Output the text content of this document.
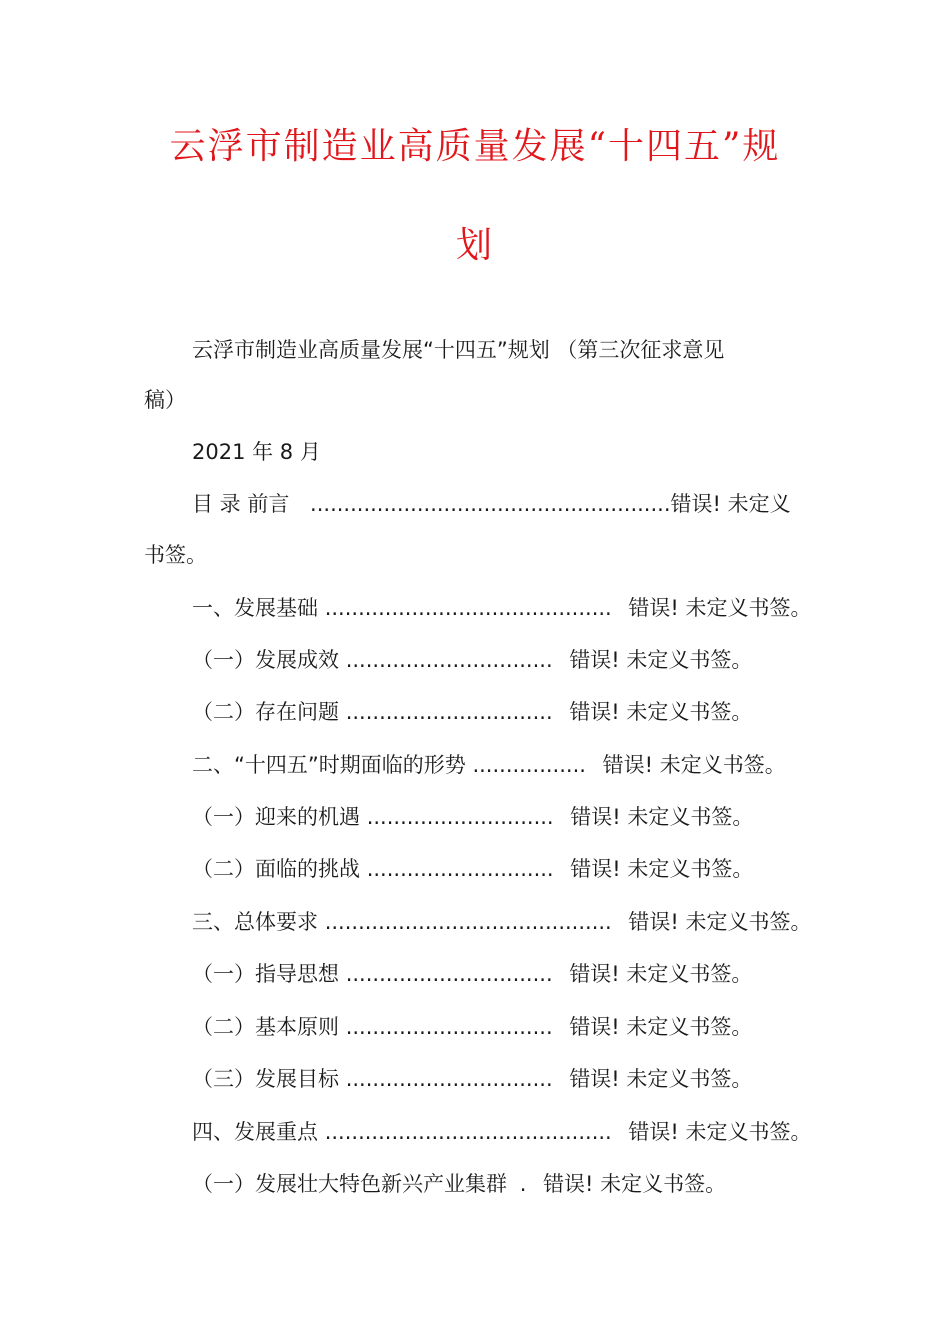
云浮市制造业高质量发展“十四五”规
划
云浮市制造业高质量发展“十四五”规划 （第三次征求意见
稿）
2021 年 8 月
目 录 前言 ......................................................错误! 未定义
书签。
一、发展基础 ........................................... 错误! 未定义书签。
（一）发展成效 ............................... 错误! 未定义书签。
（二）存在问题 ............................... 错误! 未定义书签。
二、“十四五”时期面临的形势 ................. 错误! 未定义书签。
（一）迎来的机遇 ............................ 错误! 未定义书签。
（二）面临的挑战 ............................ 错误! 未定义书签。
三、总体要求 ........................................... 错误! 未定义书签。
（一）指导思想 ............................... 错误! 未定义书签。
（二）基本原则 ............................... 错误! 未定义书签。
（三）发展目标 ............................... 错误! 未定义书签。
四、发展重点 ........................................... 错误! 未定义书签。
（一）发展壮大特色新兴产业集群 . 错误! 未定义书签。
